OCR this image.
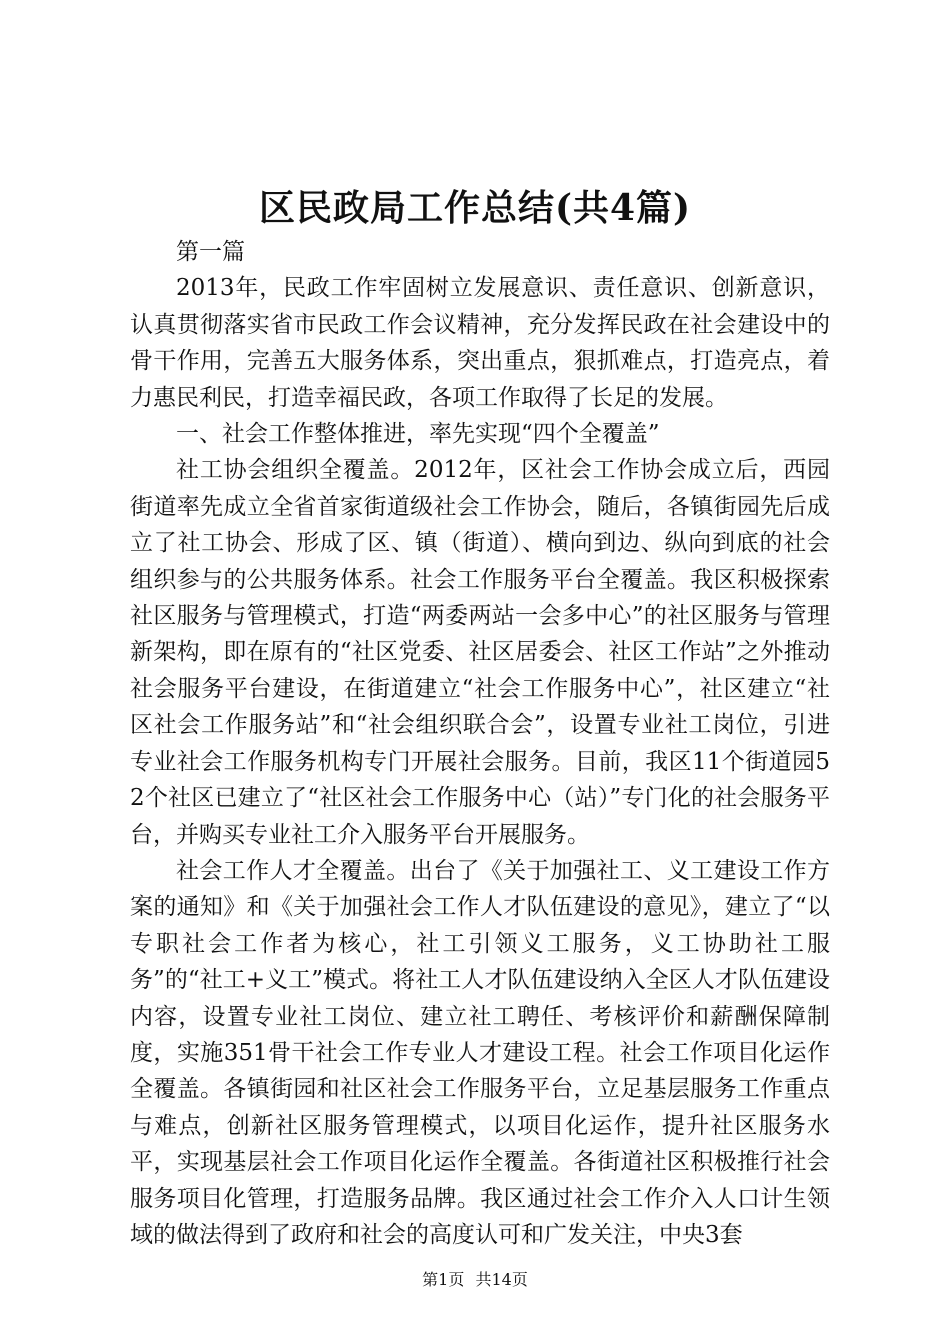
区民政局工作总结(共4篇)

第一篇

2013年，民政工作牢固树立发展意识、责任意识、创新意识，认真贯彻落实省市民政工作会议精神，充分发挥民政在社会建设中的骨干作用，完善五大服务体系，突出重点，狠抓难点，打造亮点，着力惠民利民，打造幸福民政，各项工作取得了长足的发展。

一、社会工作整体推进，率先实现“四个全覆盖”

社工协会组织全覆盖。2012年，区社会工作协会成立后，西园街道率先成立全省首家街道级社会工作协会，随后，各镇街园先后成立了社工协会、形成了区、镇（街道）、横向到边、纵向到底的社会组织参与的公共服务体系。社会工作服务平台全覆盖。我区积极探索社区服务与管理模式，打造“两委两站一会多中心”的社区服务与管理新架构，即在原有的“社区党委、社区居委会、社区工作站”之外推动社会服务平台建设，在街道建立“社会工作服务中心”，社区建立“社区社会工作服务站”和“社会组织联合会”，设置专业社工岗位，引进专业社会工作服务机构专门开展社会服务。目前，我区11个街道园52个社区已建立了“社区社会工作服务中心（站）”专门化的社会服务平台，并购买专业社工介入服务平台开展服务。

社会工作人才全覆盖。出台了《关于加强社工、义工建设工作方案的通知》和《关于加强社会工作人才队伍建设的意见》，建立了“以专职社会工作者为核心，社工引领义工服务，义工协助社工服务”的“社工+义工”模式。将社工人才队伍建设纳入全区人才队伍建设内容，设置专业社工岗位、建立社工聘任、考核评价和薪酬保障制度，实施351骨干社会工作专业人才建设工程。社会工作项目化运作全覆盖。各镇街园和社区社会工作服务平台，立足基层服务工作重点与难点，创新社区服务管理模式，以项目化运作，提升社区服务水平，实现基层社会工作项目化运作全覆盖。各街道社区积极推行社会服务项目化管理，打造服务品牌。我区通过社会工作介入人口计生领域的做法得到了政府和社会的高度认可和广发关注，中央3套

第1页 共14页
